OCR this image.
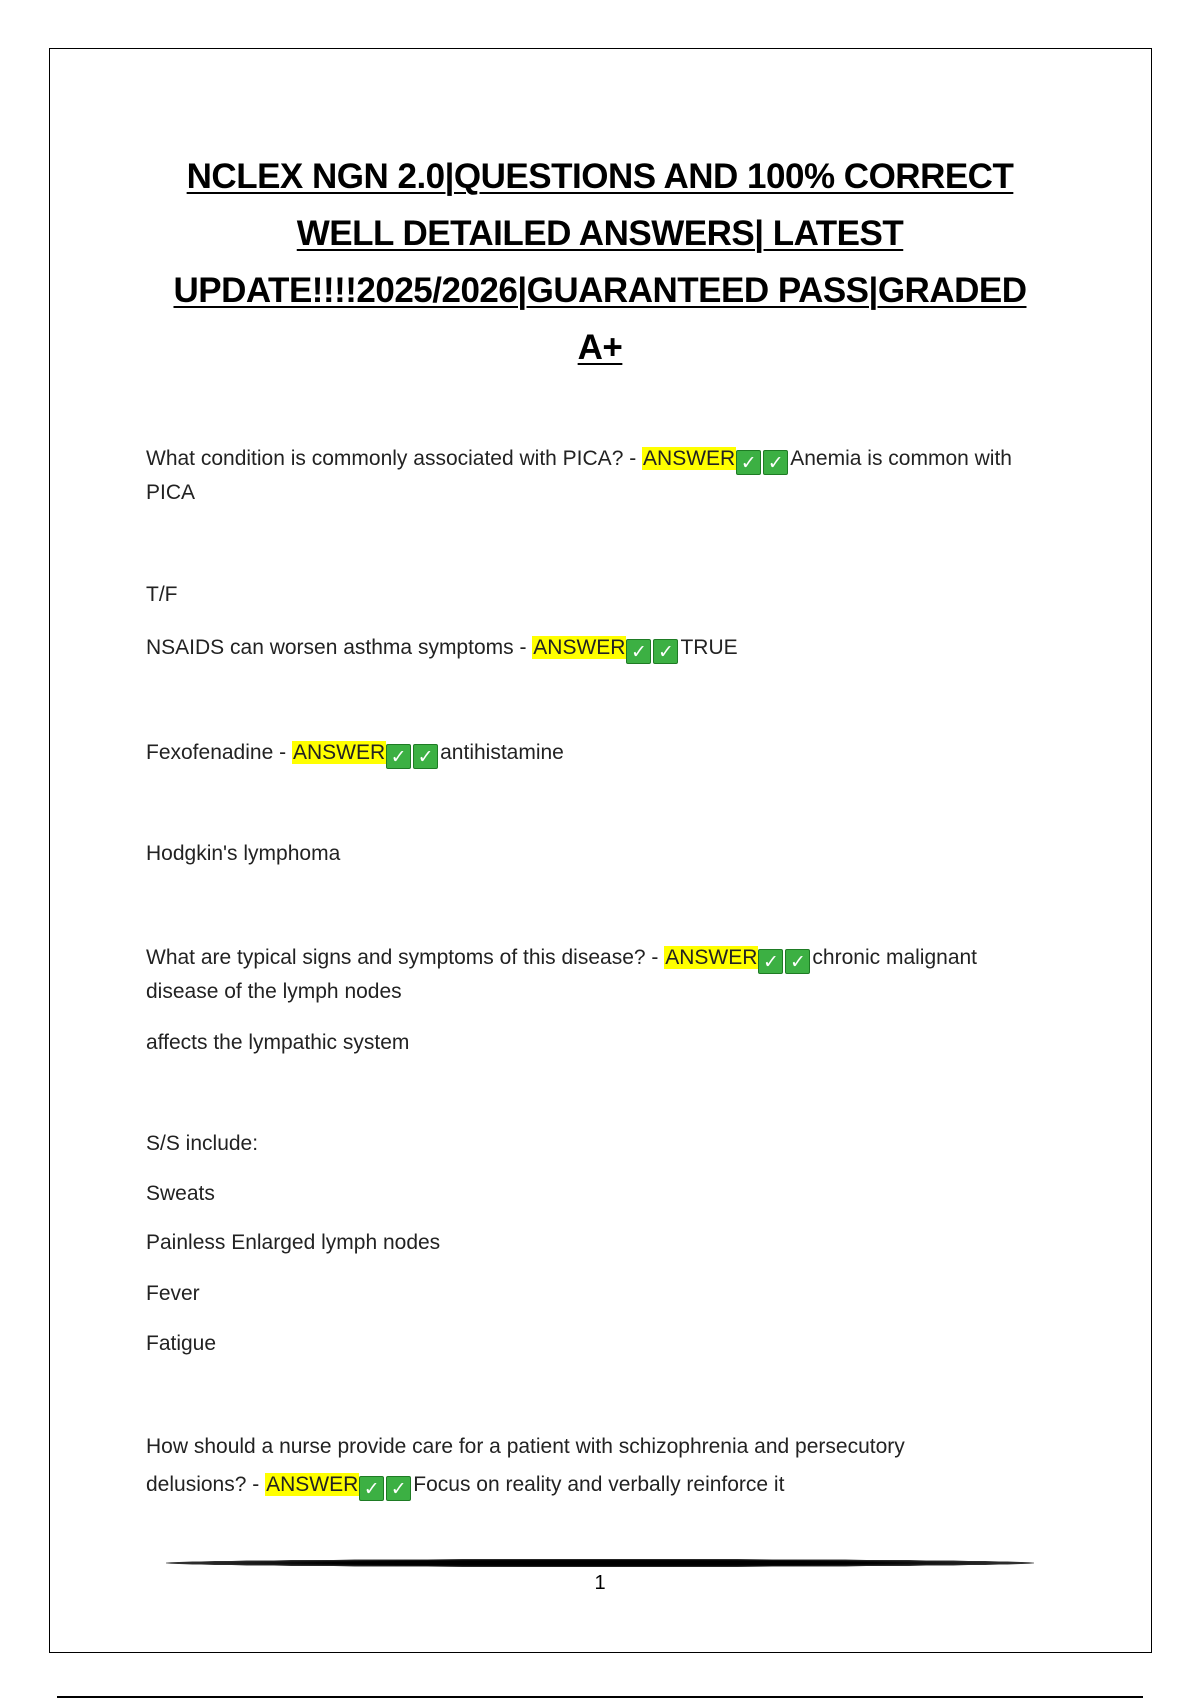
NCLEX NGN 2.0|QUESTIONS AND 100% CORRECT
WELL DETAILED ANSWERS| LATEST
UPDATE!!!!2025/2026|GUARANTEED PASS|GRADED
A+

What condition is commonly associated with PICA? - ANSWER ✓ ✓ Anemia is common with
PICA

T/F

NSAIDS can worsen asthma symptoms - ANSWER ✓ ✓ TRUE

Fexofenadine - ANSWER ✓ ✓ antihistamine

Hodgkin's lymphoma

What are typical signs and symptoms of this disease? - ANSWER ✓ ✓ chronic malignant
disease of the lymph nodes

affects the lympathic system

S/S include:

Sweats

Painless Enlarged lymph nodes

Fever

Fatigue

How should a nurse provide care for a patient with schizophrenia and persecutory
delusions? - ANSWER ✓ ✓ Focus on reality and verbally reinforce it

1
